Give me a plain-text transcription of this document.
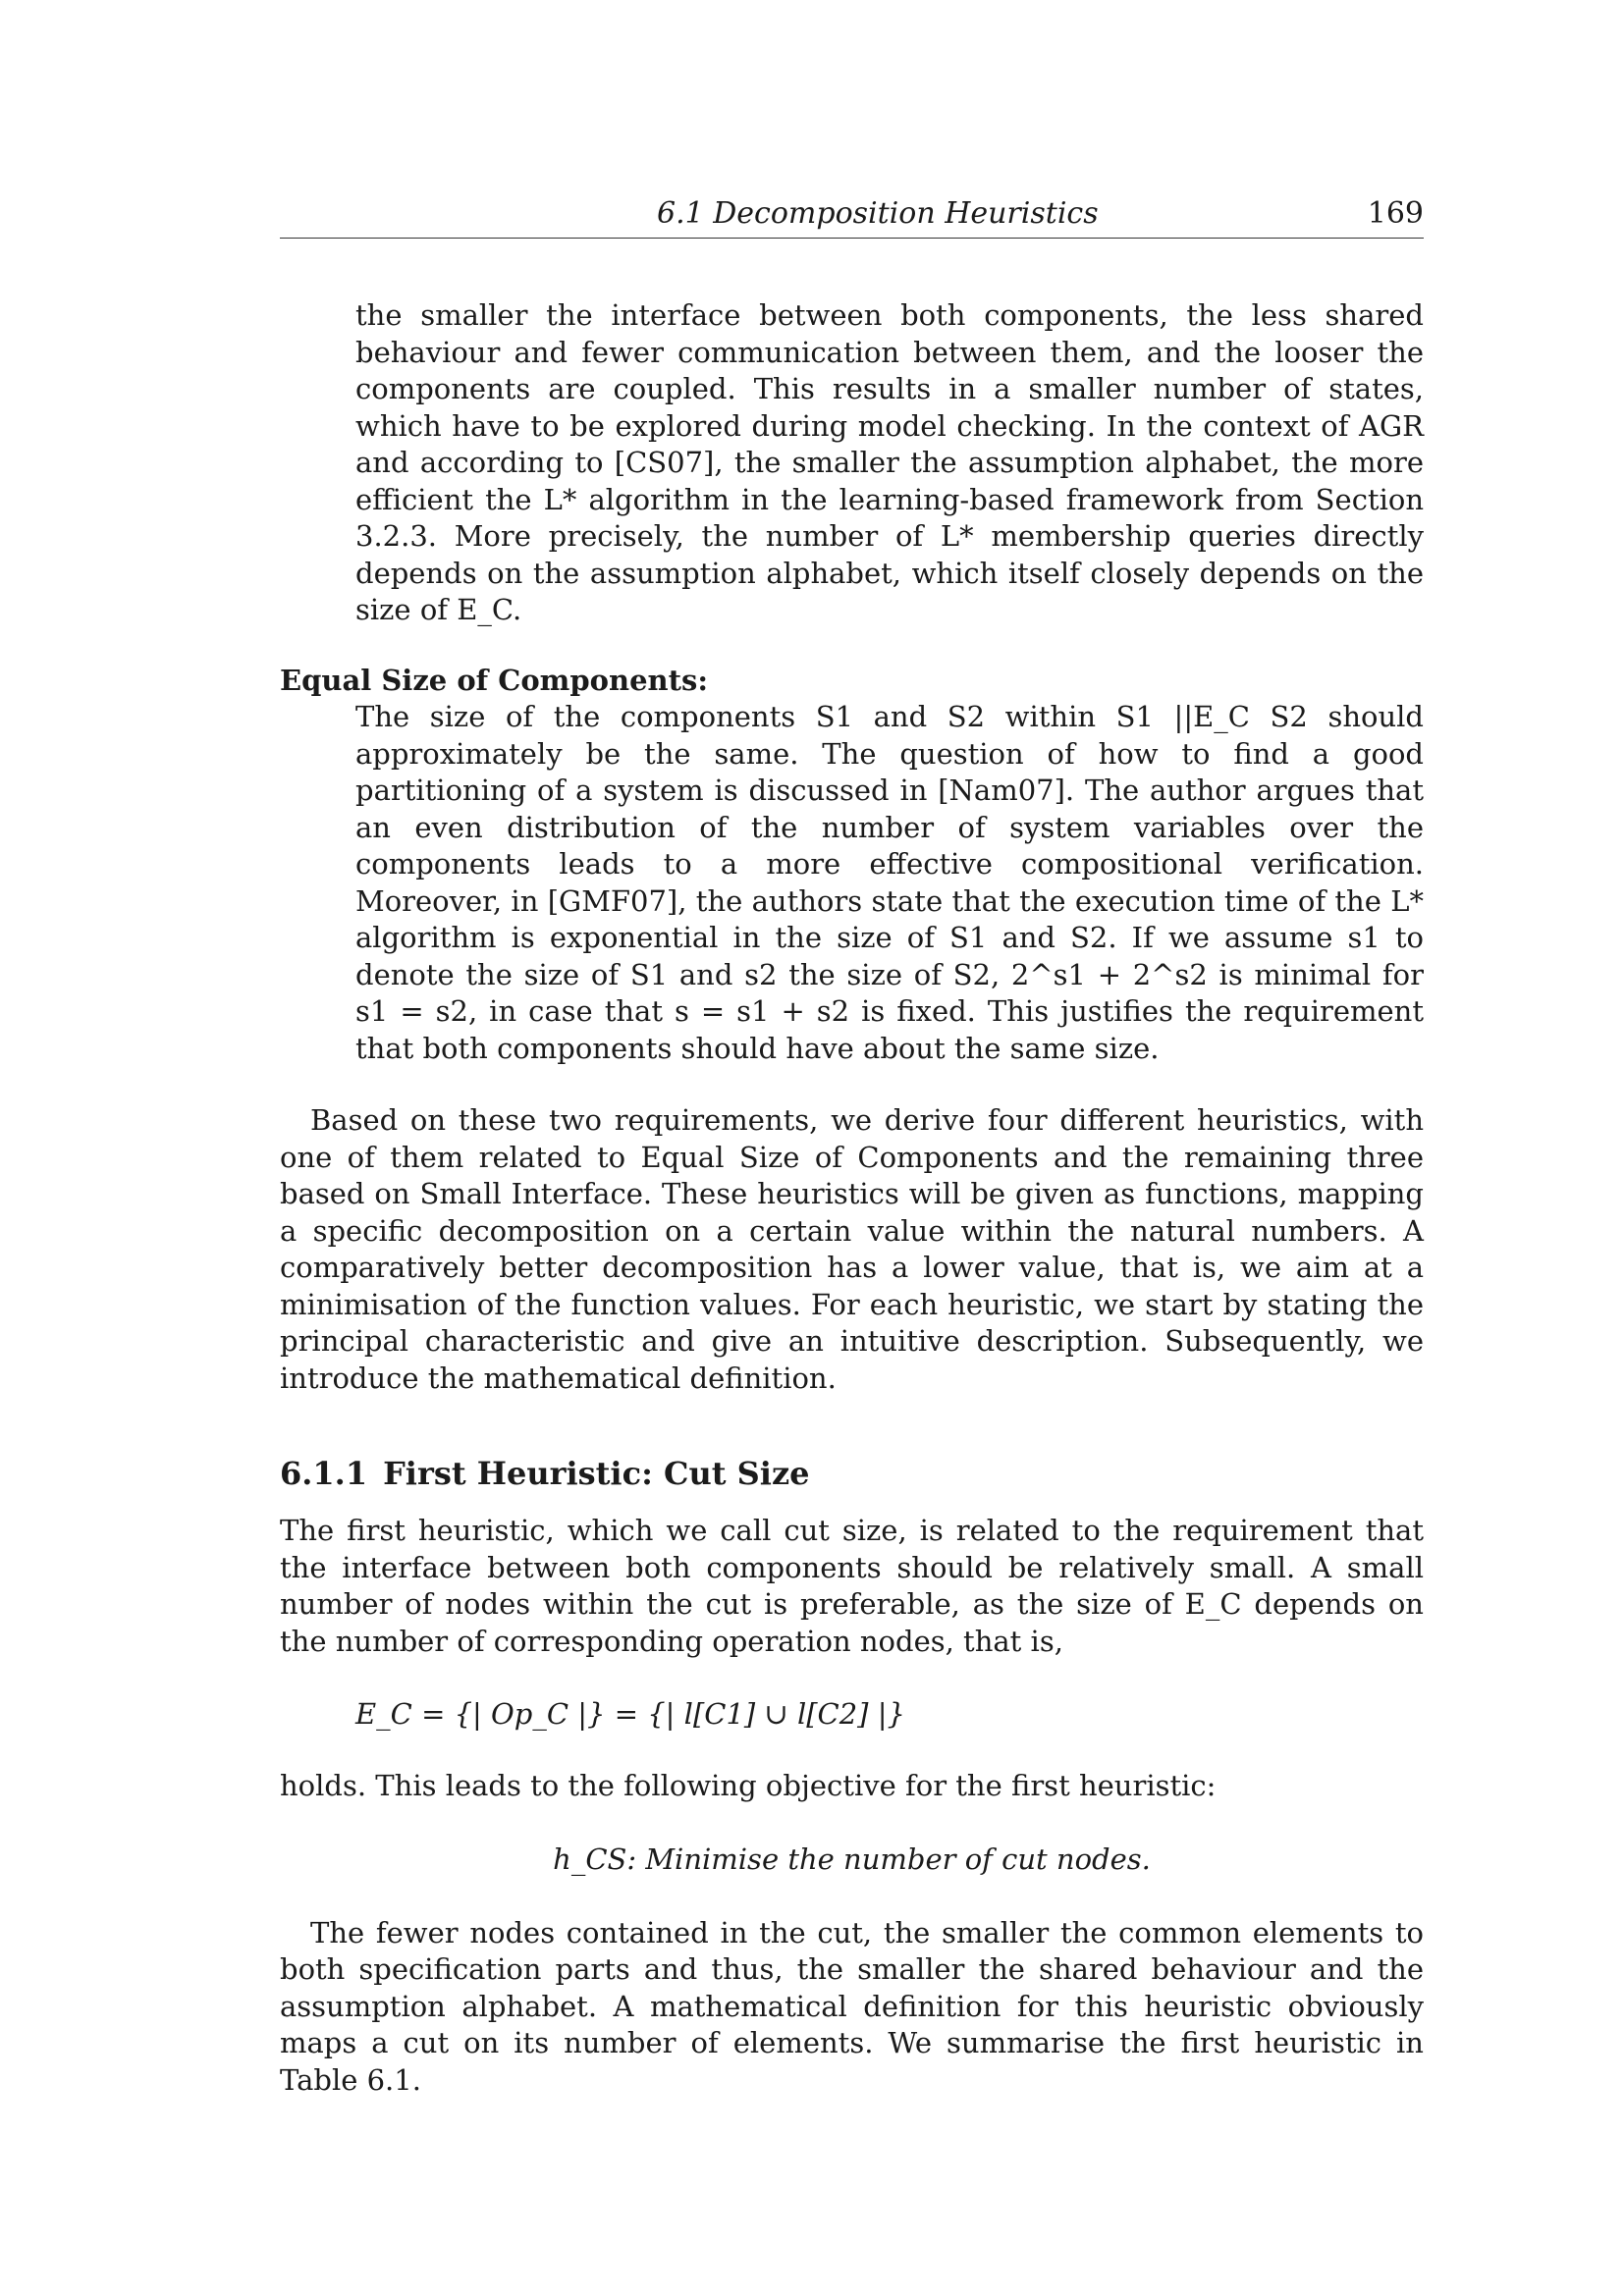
6.1 Decomposition Heuristics	169

the smaller the interface between both components, the less shared behaviour and fewer communication between them, and the looser the components are coupled. This results in a smaller number of states, which have to be explored during model checking. In the context of AGR and according to [CS07], the smaller the assumption alphabet, the more efficient the L* algorithm in the learning-based framework from Section 3.2.3. More precisely, the number of L* membership queries directly depends on the assumption alphabet, which itself closely depends on the size of E_C.

Equal Size of Components:

The size of the components S1 and S2 within S1 ||E_C S2 should approximately be the same. The question of how to find a good partitioning of a system is discussed in [Nam07]. The author argues that an even distribution of the number of system variables over the components leads to a more effective compositional verification. Moreover, in [GMF07], the authors state that the execution time of the L* algorithm is exponential in the size of S1 and S2. If we assume s1 to denote the size of S1 and s2 the size of S2, 2^s1 + 2^s2 is minimal for s1 = s2, in case that s = s1 + s2 is fixed. This justifies the requirement that both components should have about the same size.

Based on these two requirements, we derive four different heuristics, with one of them related to Equal Size of Components and the remaining three based on Small Interface. These heuristics will be given as functions, mapping a specific decomposition on a certain value within the natural numbers. A comparatively better decomposition has a lower value, that is, we aim at a minimisation of the function values. For each heuristic, we start by stating the principal characteristic and give an intuitive description. Subsequently, we introduce the mathematical definition.

6.1.1 First Heuristic: Cut Size

The first heuristic, which we call cut size, is related to the requirement that the interface between both components should be relatively small. A small number of nodes within the cut is preferable, as the size of E_C depends on the number of corresponding operation nodes, that is,

E_C = {| Op_C |} = {| l[C1] ∪ l[C2] |}

holds. This leads to the following objective for the first heuristic:

h_CS: Minimise the number of cut nodes.

The fewer nodes contained in the cut, the smaller the common elements to both specification parts and thus, the smaller the shared behaviour and the assumption alphabet. A mathematical definition for this heuristic obviously maps a cut on its number of elements. We summarise the first heuristic in Table 6.1.
